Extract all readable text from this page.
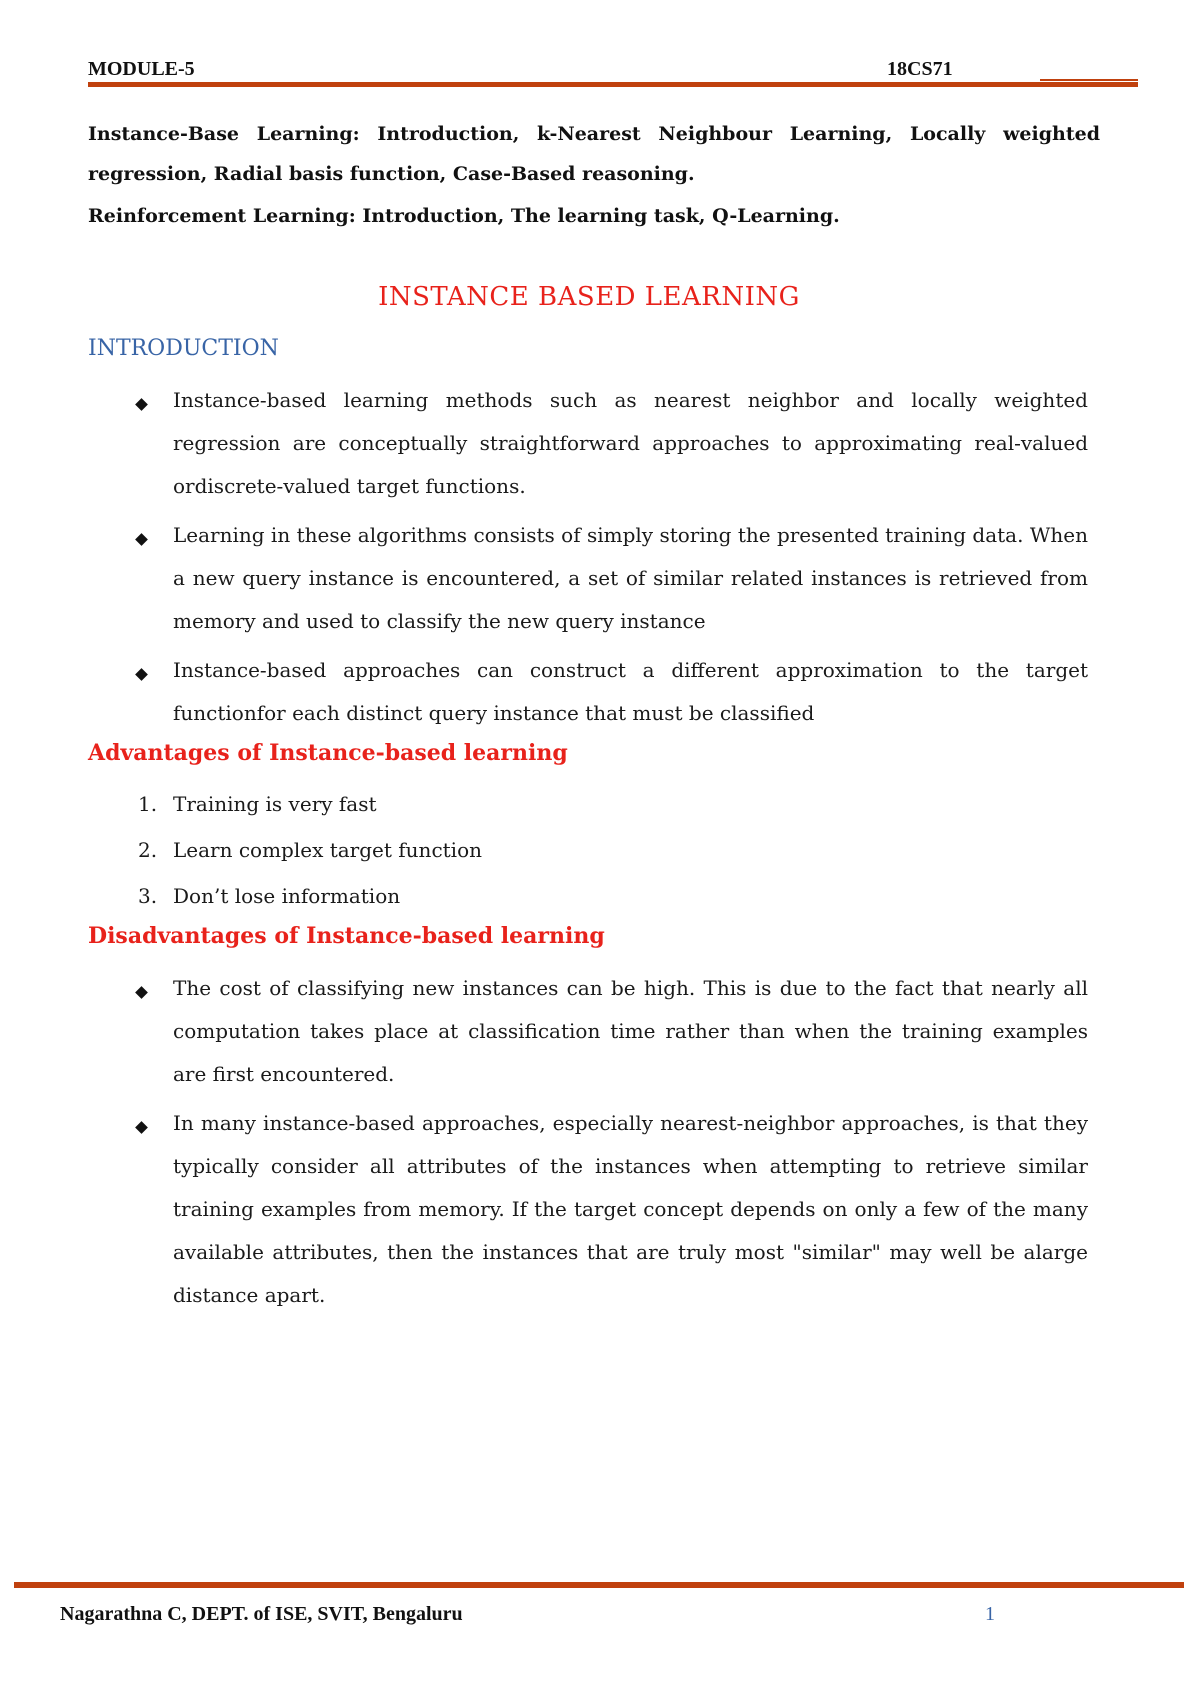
MODULE-5	18CS71
Instance-Base Learning: Introduction, k-Nearest Neighbour Learning, Locally weighted regression, Radial basis function, Case-Based reasoning.
Reinforcement Learning: Introduction, The learning task, Q-Learning.
INSTANCE BASED LEARNING
INTRODUCTION
Instance-based learning methods such as nearest neighbor and locally weighted regression are conceptually straightforward approaches to approximating real-valued ordiscrete-valued target functions.
Learning in these algorithms consists of simply storing the presented training data. When a new query instance is encountered, a set of similar related instances is retrieved from memory and used to classify the new query instance
Instance-based approaches can construct a different approximation to the target functionfor each distinct query instance that must be classified
Advantages of Instance-based learning
1. Training is very fast
2. Learn complex target function
3. Don’t lose information
Disadvantages of Instance-based learning
The cost of classifying new instances can be high. This is due to the fact that nearly all computation takes place at classification time rather than when the training examples are first encountered.
In many instance-based approaches, especially nearest-neighbor approaches, is that they typically consider all attributes of the instances when attempting to retrieve similar training examples from memory. If the target concept depends on only a few of the many available attributes, then the instances that are truly most "similar" may well be alarge distance apart.
Nagarathna C, DEPT. of ISE, SVIT, Bengaluru	1
